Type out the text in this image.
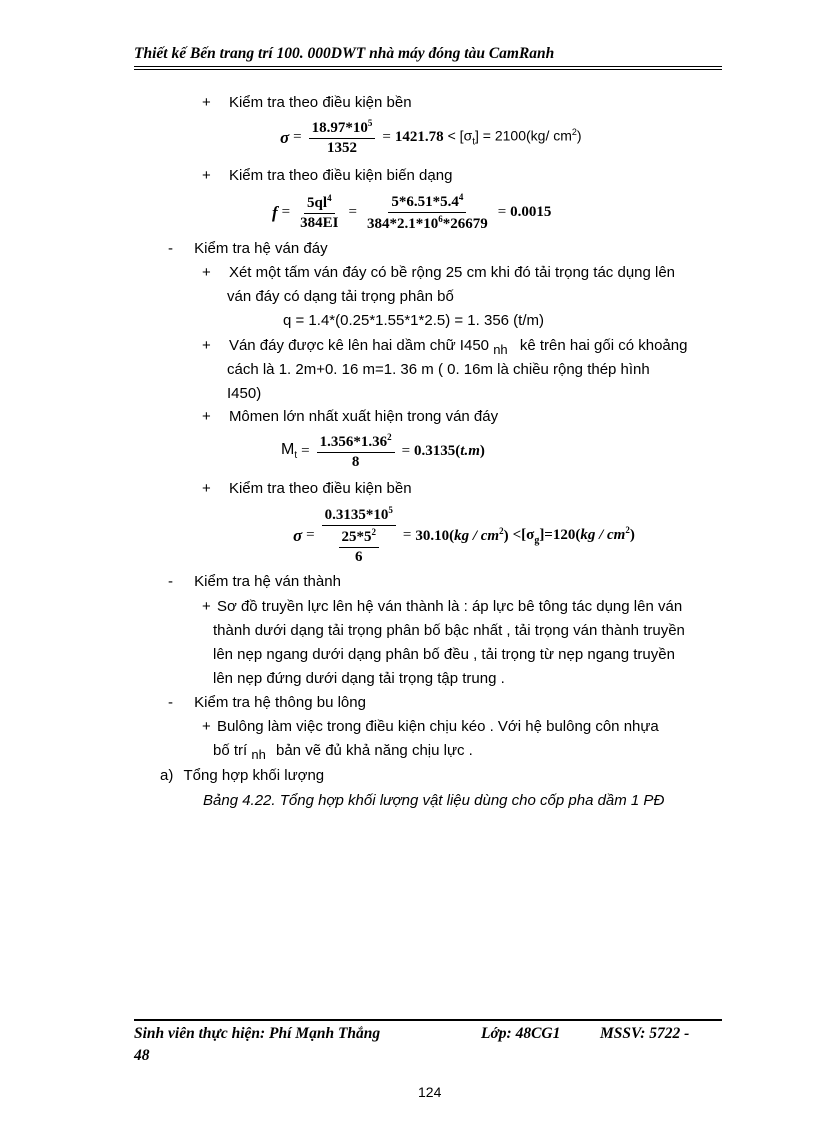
Thiết kế Bến trang trí 100. 000DWT nhà máy đóng tàu CamRanh
+ Kiểm tra theo điều kiện bền
$\sigma = \frac{18.97*10^5}{1352} = 1421.78 < [\sigma_t] = 2100(kg/$ $cm^2$)
+ Kiểm tra theo điều kiện biến dạng
$f = \frac{5ql^4}{384EI} = \frac{5*6.51*5.4^4}{384*2.1*10^6*26679} = 0.0015$
- Kiểm tra hệ ván đáy
+ Xét một tấm ván đáy có bề rộng 25 cm khi đó tải trọng tác dụng lên
ván đáy có dạng tải trọng phân bố
q = 1.4*(0.25*1.55*1*2.5) = 1. 356 (t/m)
+ Ván đáy được kê lên hai dầm chữ I450 $_{nh}$ kê trên hai gối có khoảng
cách là 1. 2m+0. 16 m=1. 36 m ( 0. 16m là chiều rộng thép hình
I450)
+ Mômen lớn nhất xuất hiện trong ván đáy
$M_t = \frac{1.356*1.36^2}{8} = 0.3135(t.m)$
+ Kiểm tra theo điều kiện bền
$\sigma = \frac{0.3135*10^5}{\frac{25*5^2}{6}} = 30.10(kg / cm^2) <[\sigma_g]=120(kg / cm^2)$
- Kiểm tra hệ ván thành
+ Sơ đồ truyền lực lên hệ ván thành là : áp lực bê tông tác dụng lên ván
thành dưới dạng tải trọng phân bố bậc nhất , tải trọng ván thành truyền
lên nẹp ngang dưới dạng phân bố đều , tải trọng từ nẹp ngang truyền
lên nẹp đứng dưới dạng tải trọng tập trung .
- Kiểm tra hệ thông bu lông
+ Bulông làm việc trong điều kiện chịu kéo . Với hệ bulông côn nhựa
bố trí $_{nh}$ bản vẽ đủ khả năng chịu lực .
a) Tổng hợp khối lượng
Bảng 4.22. Tổng hợp khối lượng vật liệu dùng cho cốp pha dầm 1 PĐ
Sinh viên thực hiện: Phí Mạnh Thắng	Lớp: 48CG1	MSSV: 5722 -
48
124
